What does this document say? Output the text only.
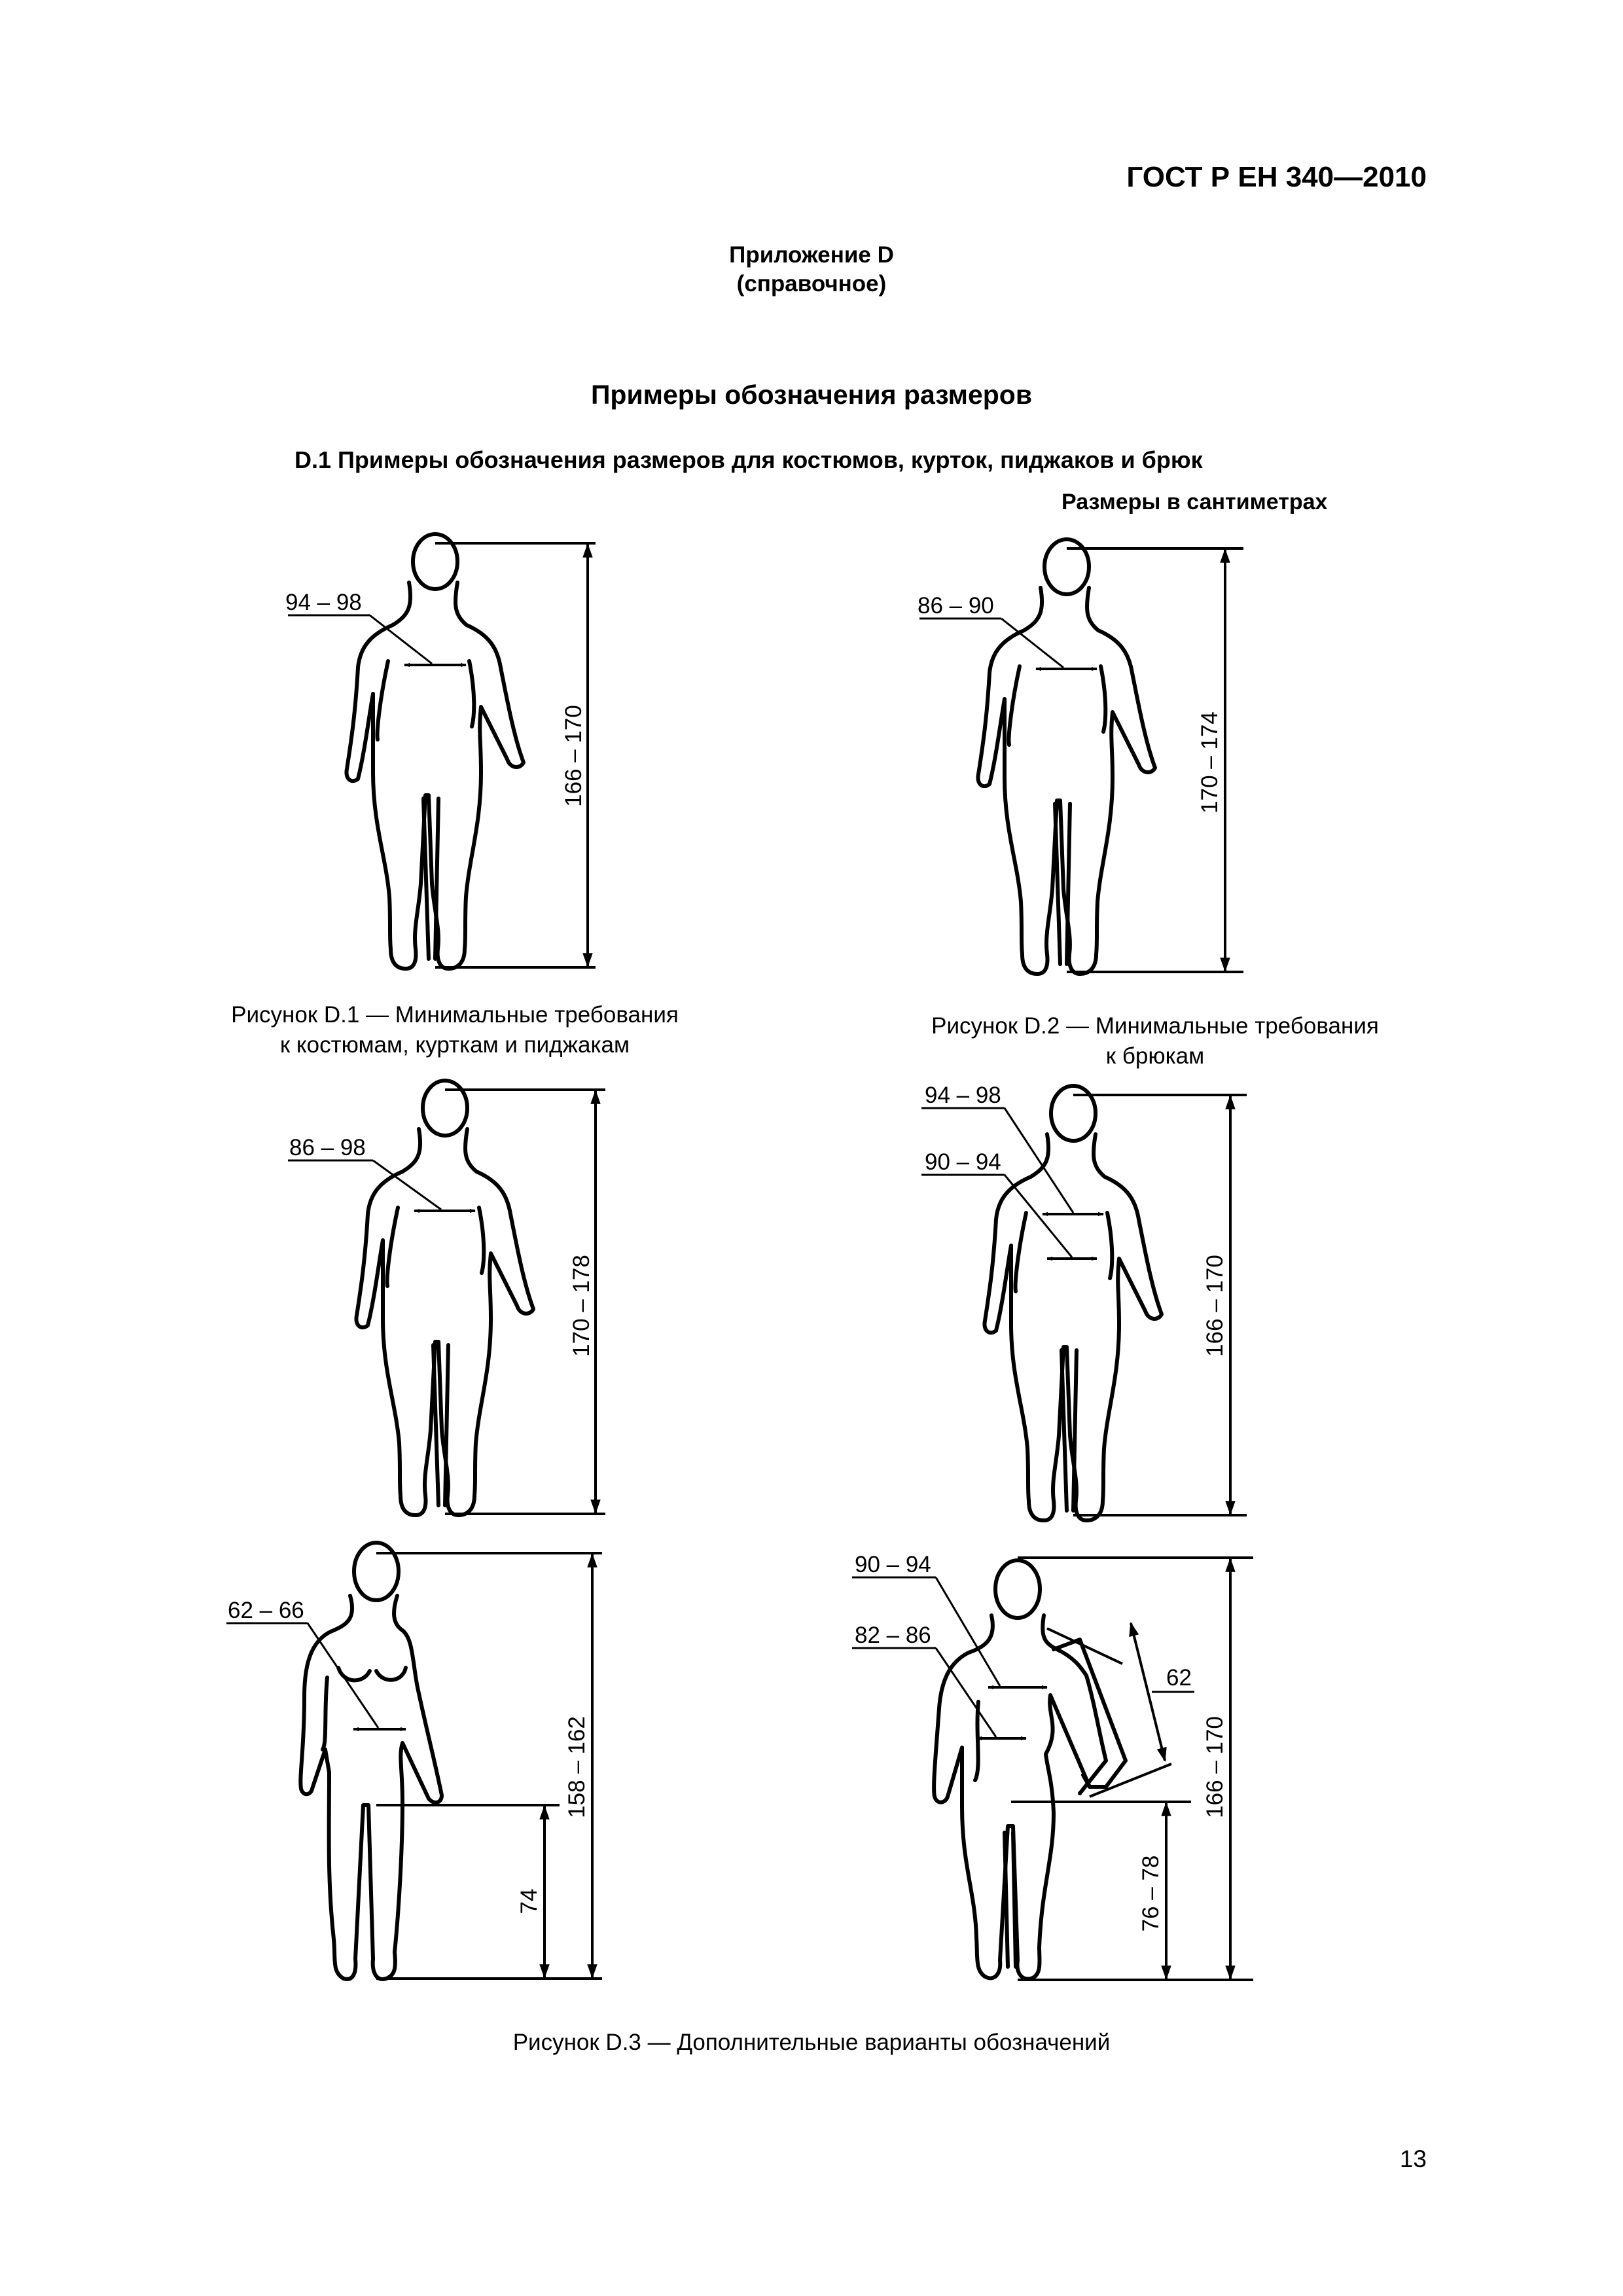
ГОСТ Р ЕН 340—2010
Приложение D
(справочное)
Примеры обозначения размеров
D.1 Примеры обозначения размеров для костюмов, курток, пиджаков и брюк
Размеры в сантиметрах
166 – 170
94 – 98
170 – 174
86 – 90
170 – 178
86 – 98
166 – 170
94 – 98
90 – 94
158 – 162
74
62 – 66
166 – 170
76 – 78
62
90 – 94
82 – 86
Рисунок D.1 — Минимальные требования
к костюмам, курткам и пиджакам
Рисунок D.2 — Минимальные требования
к брюкам
Рисунок D.3 — Дополнительные варианты обозначений
13
